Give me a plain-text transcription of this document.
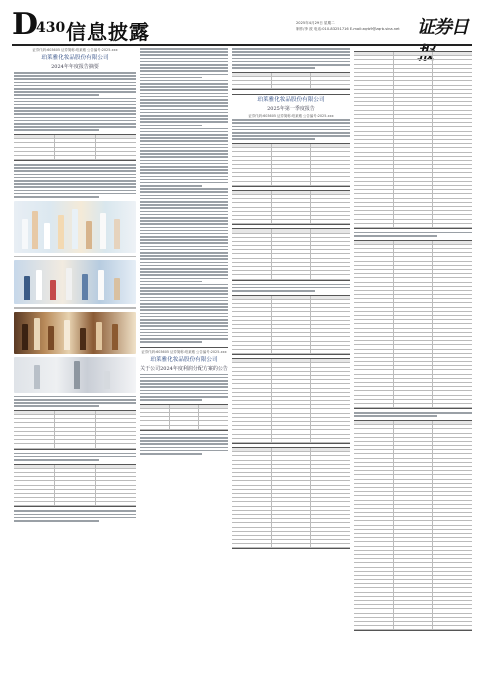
D
430 信息披露	2025年4月29日 星期二
制作/李 波 电话:010-83251716 E-mail:zqrb9@zqrb.sina.net 证券日
证券代码:603605 证券简称:珀莱雅 公告编号:2025-xxx
珀莱雅化妆品股份有限公司
2024年年度报告摘要
证券代码:603605 证券简称:珀莱雅 公告编号:2025-xxx
珀莱雅化妆品股份有限公司
关于公司2024年度利润分配方案的公告
珀莱雅化妆品股份有限公司
2025年第一季度报告
证券代码:603605 证券简称:珀莱雅 公告编号:2025-xxx
